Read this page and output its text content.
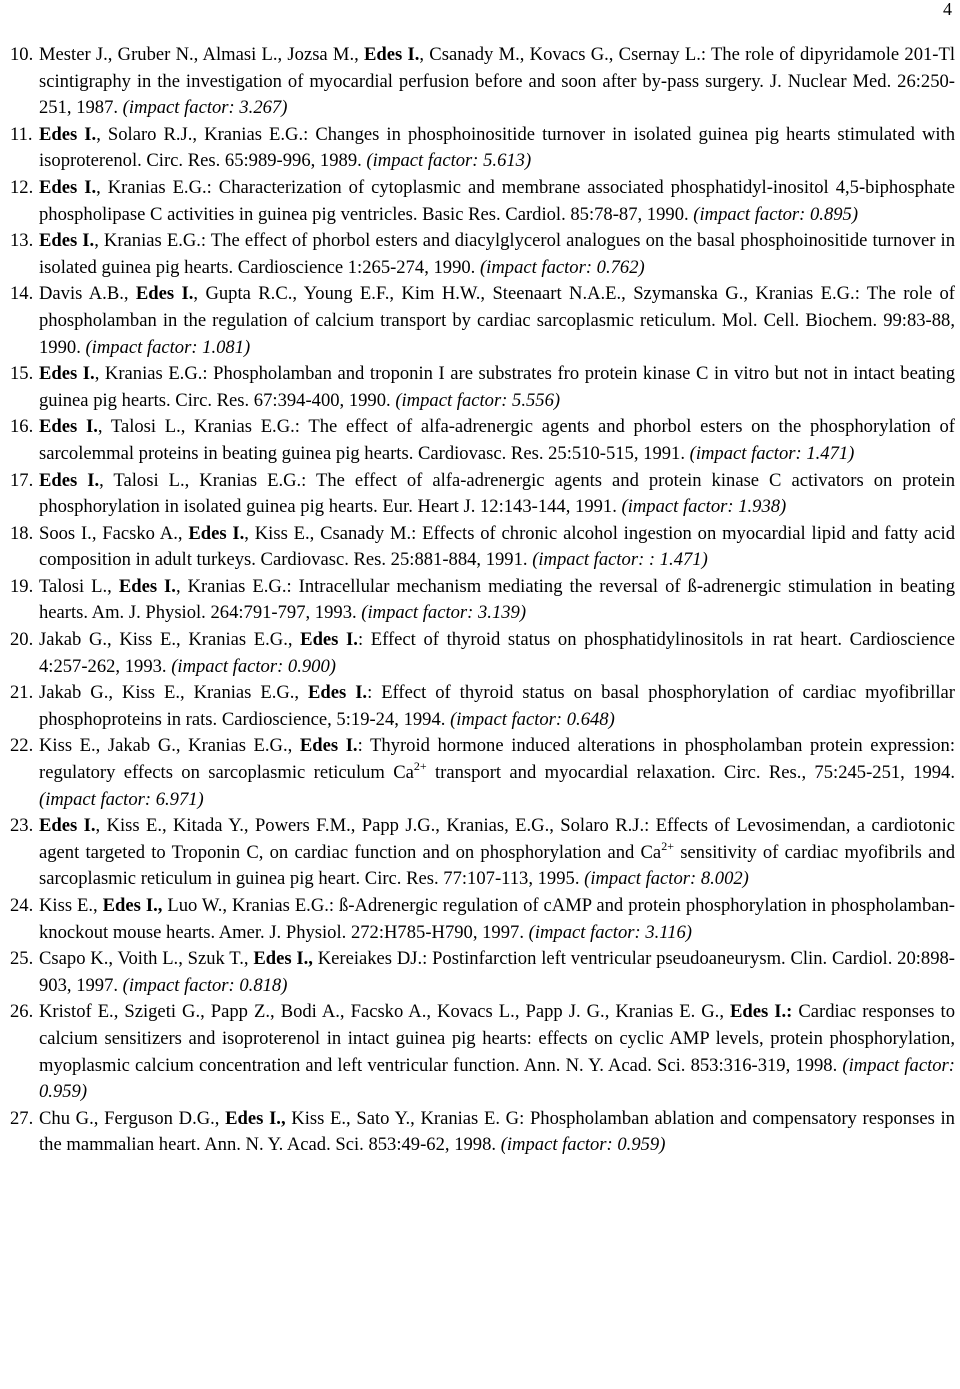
4
10. Mester J., Gruber N., Almasi L., Jozsa M., Edes I., Csanady M., Kovacs G., Csernay L.: The role of dipyridamole 201-Tl scintigraphy in the investigation of myocardial perfusion before and soon after by-pass surgery. J. Nuclear Med. 26:250-251, 1987. (impact factor: 3.267)
11. Edes I., Solaro R.J., Kranias E.G.: Changes in phosphoinositide turnover in isolated guinea pig hearts stimulated with isoproterenol. Circ. Res. 65:989-996, 1989. (impact factor: 5.613)
12. Edes I., Kranias E.G.: Characterization of cytoplasmic and membrane associated phosphatidyl-inositol 4,5-biphosphate phospholipase C activities in guinea pig ventricles. Basic Res. Cardiol. 85:78-87, 1990. (impact factor: 0.895)
13. Edes I., Kranias E.G.: The effect of phorbol esters and diacylglycerol analogues on the basal phosphoinositide turnover in isolated guinea pig hearts. Cardioscience 1:265-274, 1990. (impact factor: 0.762)
14. Davis A.B., Edes I., Gupta R.C., Young E.F., Kim H.W., Steenaart N.A.E., Szymanska G., Kranias E.G.: The role of phospholamban in the regulation of calcium transport by cardiac sarcoplasmic reticulum. Mol. Cell. Biochem. 99:83-88, 1990. (impact factor: 1.081)
15. Edes I., Kranias E.G.: Phospholamban and troponin I are substrates fro protein kinase C in vitro but not in intact beating guinea pig hearts. Circ. Res. 67:394-400, 1990. (impact factor: 5.556)
16. Edes I., Talosi L., Kranias E.G.: The effect of alfa-adrenergic agents and phorbol esters on the phosphorylation of sarcolemmal proteins in beating guinea pig hearts. Cardiovasc. Res. 25:510-515, 1991. (impact factor: 1.471)
17. Edes I., Talosi L., Kranias E.G.: The effect of alfa-adrenergic agents and protein kinase C activators on protein phosphorylation in isolated guinea pig hearts. Eur. Heart J. 12:143-144, 1991. (impact factor: 1.938)
18. Soos I., Facsko A., Edes I., Kiss E., Csanady M.: Effects of chronic alcohol ingestion on myocardial lipid and fatty acid composition in adult turkeys. Cardiovasc. Res. 25:881-884, 1991. (impact factor: : 1.471)
19. Talosi L., Edes I., Kranias E.G.: Intracellular mechanism mediating the reversal of ß-adrenergic stimulation in beating hearts. Am. J. Physiol. 264:791-797, 1993. (impact factor: 3.139)
20. Jakab G., Kiss E., Kranias E.G., Edes I.: Effect of thyroid status on phosphatidylinositols in rat heart. Cardioscience 4:257-262, 1993. (impact factor: 0.900)
21. Jakab G., Kiss E., Kranias E.G., Edes I.: Effect of thyroid status on basal phosphorylation of cardiac myofibrillar phosphoproteins in rats. Cardioscience, 5:19-24, 1994. (impact factor: 0.648)
22. Kiss E., Jakab G., Kranias E.G., Edes I.: Thyroid hormone induced alterations in phospholamban protein expression: regulatory effects on sarcoplasmic reticulum $Ca^{2+}$ transport and myocardial relaxation. Circ. Res., 75:245-251, 1994. (impact factor: 6.971)
23. Edes I., Kiss E., Kitada Y., Powers F.M., Papp J.G., Kranias, E.G., Solaro R.J.: Effects of Levosimendan, a cardiotonic agent targeted to Troponin C, on cardiac function and on phosphorylation and $Ca^{2+}$ sensitivity of cardiac myofibrils and sarcoplasmic reticulum in guinea pig heart. Circ. Res. 77:107-113, 1995. (impact factor: 8.002)
24. Kiss E., Edes I., Luo W., Kranias E.G.: ß-Adrenergic regulation of cAMP and protein phosphorylation in phospholamban-knockout mouse hearts. Amer. J. Physiol. 272:H785-H790, 1997. (impact factor: 3.116)
25. Csapo K., Voith L., Szuk T., Edes I., Kereiakes DJ.: Postinfarction left ventricular pseudoaneurysm. Clin. Cardiol. 20:898-903, 1997. (impact factor: 0.818)
26. Kristof E., Szigeti G., Papp Z., Bodi A., Facsko A., Kovacs L., Papp J. G., Kranias E. G., Edes I.: Cardiac responses to calcium sensitizers and isoproterenol in intact guinea pig hearts: effects on cyclic AMP levels, protein phosphorylation, myoplasmic calcium concentration and left ventricular function. Ann. N. Y. Acad. Sci. 853:316-319, 1998. (impact factor: 0.959)
27. Chu G., Ferguson D.G., Edes I., Kiss E., Sato Y., Kranias E. G: Phospholamban ablation and compensatory responses in the mammalian heart. Ann. N. Y. Acad. Sci. 853:49-62, 1998. (impact factor: 0.959)
